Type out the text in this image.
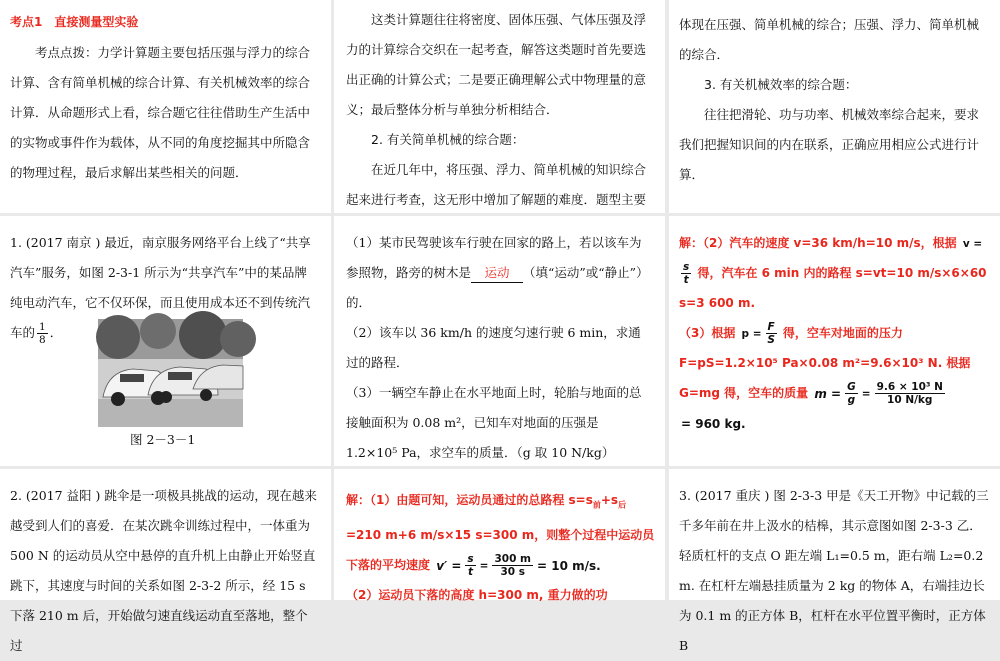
考点1　直接测量型实验

考点点拨：力学计算题主要包括压强与浮力的综合计算、含有简单机械的综合计算、有关机械效率的综合计算．从命题形式上看，综合题它往往借助生产生活中的实物或事件作为载体，从不同的角度挖掘其中所隐含的物理过程，最后求解出某些相关的问题．

这类计算题往往将密度、固体压强、气体压强及浮力的计算综合交织在一起考查，解答这类题时首先要选出正确的计算公式；二是要正确理解公式中物理量的意义；最后整体分析与单独分析相结合．

2. 有关简单机械的综合题：

在近几年中，将压强、浮力、简单机械的知识综合起来进行考查，这无形中增加了解题的难度．题型主要

体现在压强、简单机械的综合；压强、浮力、简单机械的综合．

3. 有关机械效率的综合题：

往往把滑轮、功与功率、机械效率综合起来，要求我们把握知识间的内在联系，正确应用相应公式进行计算．

1. (2017 南京 ) 最近，南京服务网络平台上线了“共享汽车”服务，如图 2-3-1 所示为“共享汽车”中的某品牌纯电动汽车，它不仅环保，而且使用成本还不到传统汽车的 $\frac{1}{8}$ ．

图 2－3－1

（1）某市民驾驶该车行驶在回家的路上，若以该车为参照物，路旁的树木是 运动 （填“运动”或“静止”）的．

（2）该车以 36 km/h 的速度匀速行驶 6 min，求通过的路程．

（3）一辆空车静止在水平地面上时，轮胎与地面的总接触面积为 0.08 m²，已知车对地面的压强是 1.2×10⁵ Pa，求空车的质量．（g 取 10 N/kg）

解：（2）汽车的速度 v=36 km/h=10 m/s，根据 v =
$\frac{s}{t}$ 得，汽车在 6 min 内的路程 s=vt=10 m/s×6×60 s=3 600 m.

（3）根据 $p = \frac{F}{S}$ 得，空车对地面的压力 F=pS=1.2×10⁵ Pa×0.08 m²=9.6×10³ N. 根据 G=mg 得，空车的质量 $m = \frac{G}{g} = \frac{\text{9.6 × 10³ N}}{10 N/kg}$
= 960 kg.

2. (2017 益阳 ) 跳伞是一项极具挑战的运动，现在越来越受到人们的喜爱．在某次跳伞训练过程中，一体重为 500 N 的运动员从空中悬停的直升机上由静止开始竖直跳下，其速度与时间的关系如图 2-3-2 所示，经 15 s 下落 210 m 后，开始做匀速直线运动直至落地，整个过

解：（1）由题可知，运动员通过的总路程 $s=s_前+s_后=210$ m+6 m/s×15 s=300 m，则整个过程中运动员下落的平均速度 $v' = \frac{s}{t} = \frac{300 m}{30 s} = 10$ m/s.

（2）运动员下落的高度 h=300 m, 重力做的功

3. (2017 重庆 ) 图 2-3-3 甲是《天工开物》中记载的三千多年前在井上汲水的桔槔，其示意图如图 2-3-3 乙．轻质杠杆的支点 O 距左端 L₁=0.5 m，距右端 L₂=0.2 m. 在杠杆左端悬挂质量为 2 kg 的物体 A，右端挂边长为 0.1 m 的正方体 B，杠杆在水平位置平衡时，正方体 B
